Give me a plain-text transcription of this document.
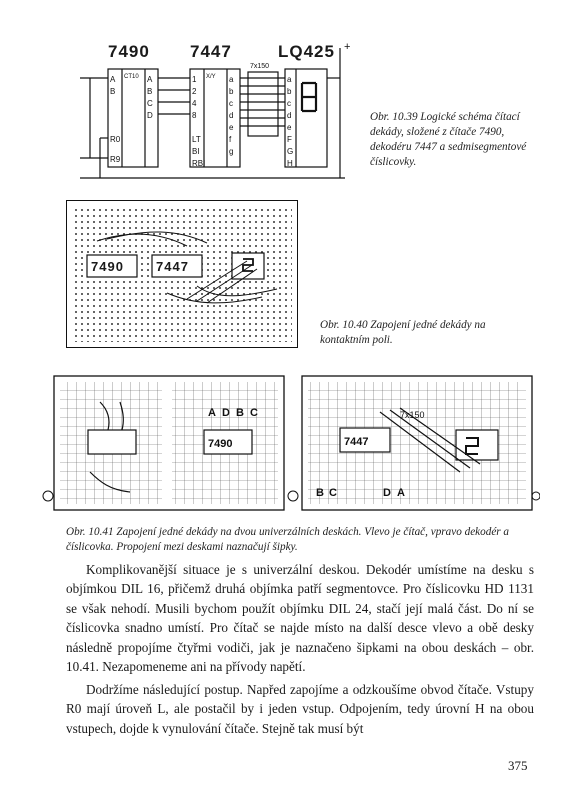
A
B
CT10 A
B
C
D
R0
R9
1
2
4
8
X/Y a
b
c
d
e
f
g
LT
BI
RBI
a
b
c
d
e
F
G
H
7x150
+
7490 7447	LQ425
Obr. 10.39 Logické schéma čítací dekády, složené z čítače 7490, dekodéru 7447 a sedmisegmentové číslicovky.
7490 7447
Obr. 10.40 Zapojení jedné dekády na kontaktním poli.
7490	7447
A D B C
B C	D A
7x150
Obr. 10.41 Zapojení jedné dekády na dvou univerzálních deskách. Vlevo je čítač, vpravo dekodér a číslicovka. Propojení mezi deskami naznačují šipky.

Komplikovanější situace je s univerzální deskou. Dekodér umístíme na desku s objímkou DIL 16, přičemž druhá objímka patří segmentovce. Pro číslicovku HD 1131 se však nehodí. Musili bychom použít objímku DIL 24, stačí její malá část. Do ní se číslicovka snadno umístí. Pro čítač se najde místo na další desce vlevo a obě desky následně propojíme čtyřmi vodiči, jak je naznačeno šipkami na obou deskách – obr. 10.41. Nezapomeneme ani na přívody napětí.

Dodržíme následující postup. Napřed zapojíme a odzkoušíme obvod čítače. Vstupy R0 mají úroveň L, ale postačil by i jeden vstup. Odpojením, tedy úrovní H na obou vstupech, dojde k vynulování čítače. Stejně tak musí být

375
